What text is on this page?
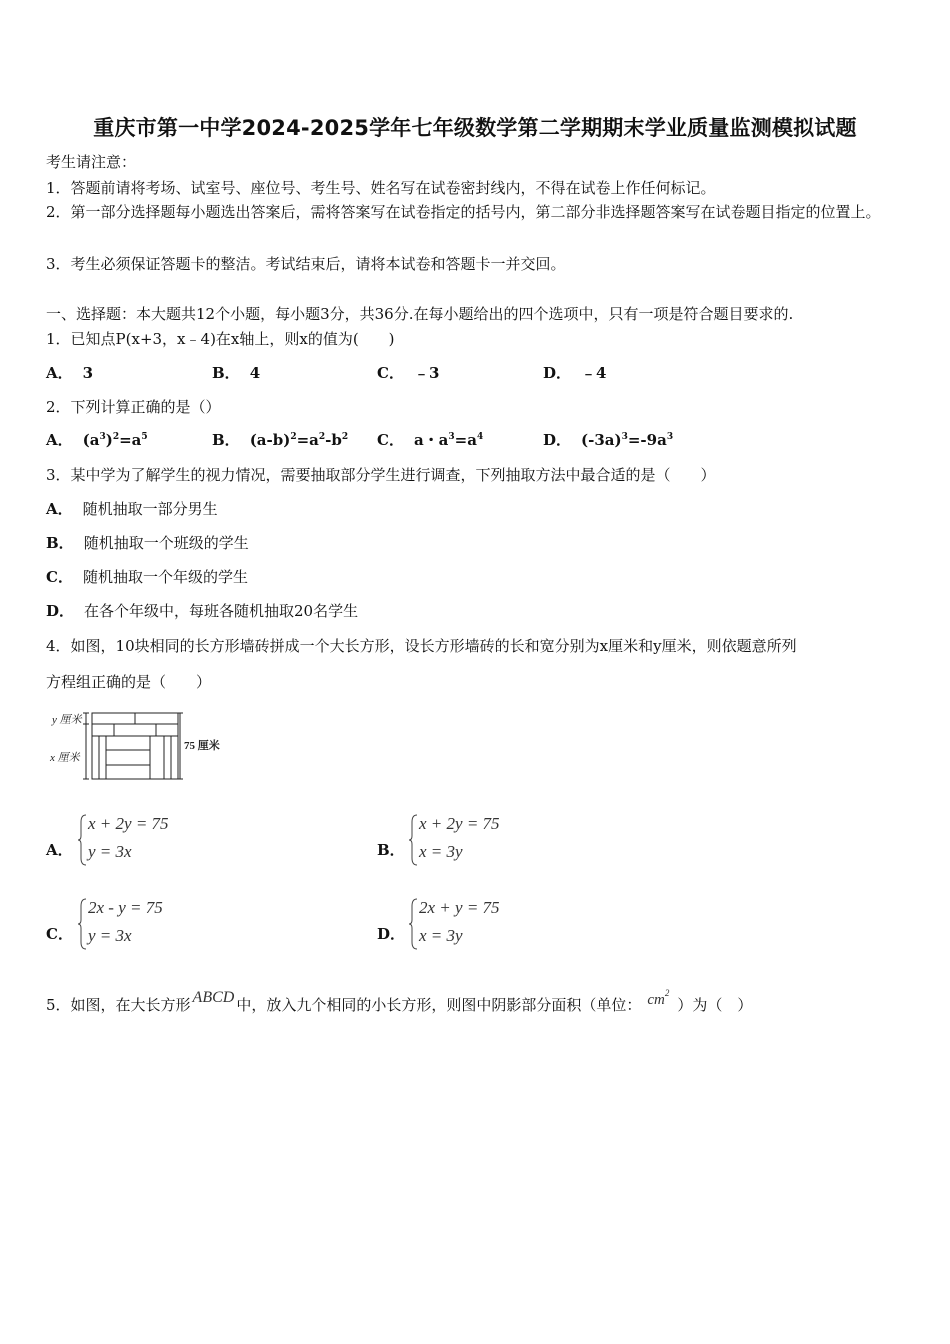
重庆市第一中学2024-2025学年七年级数学第二学期期末学业质量监测模拟试题
考生请注意：
1．答题前请将考场、试室号、座位号、考生号、姓名写在试卷密封线内，不得在试卷上作任何标记。
2．第一部分选择题每小题选出答案后，需将答案写在试卷指定的括号内，第二部分非选择题答案写在试卷题目指定的位置上。
3．考生必须保证答题卡的整洁。考试结束后，请将本试卷和答题卡一并交回。
一、选择题：本大题共12个小题，每小题3分，共36分.在每小题给出的四个选项中，只有一项是符合题目要求的.
1．已知点P(x+3，x﹣4)在x轴上，则x的值为(　　)
A． 3	B． 4	C． ﹣3	D． ﹣4
2．下列计算正确的是（）
A． $(a^3)^2=a^5$	B． $(a-b)^2=a^2-b^2$ C． a・$a^3=a^4$	D． $(-3a)^3=-9a^3$
3．某中学为了解学生的视力情况，需要抽取部分学生进行调查，下列抽取方法中最合适的是（　　）
A． 随机抽取一部分男生
B． 随机抽取一个班级的学生
C． 随机抽取一个年级的学生
D． 在各个年级中，每班各随机抽取20名学生
4．如图，10块相同的长方形墙砖拼成一个大长方形，设长方形墙砖的长和宽分别为x厘米和y厘米，则依题意所列
方程组正确的是（　　）
y 厘米
x 厘米
75 厘米
A．
x + 2y = 75
y = 3x	B．
x + 2y = 75
x = 3y
C．
2x - y = 75
y = 3x	D．
2x + y = 75
x = 3y
5．如图，在大长方形 ABCD 中，放入九个相同的小长方形，则图中阴影部分面积（单位： $cm^2$）为（　）
